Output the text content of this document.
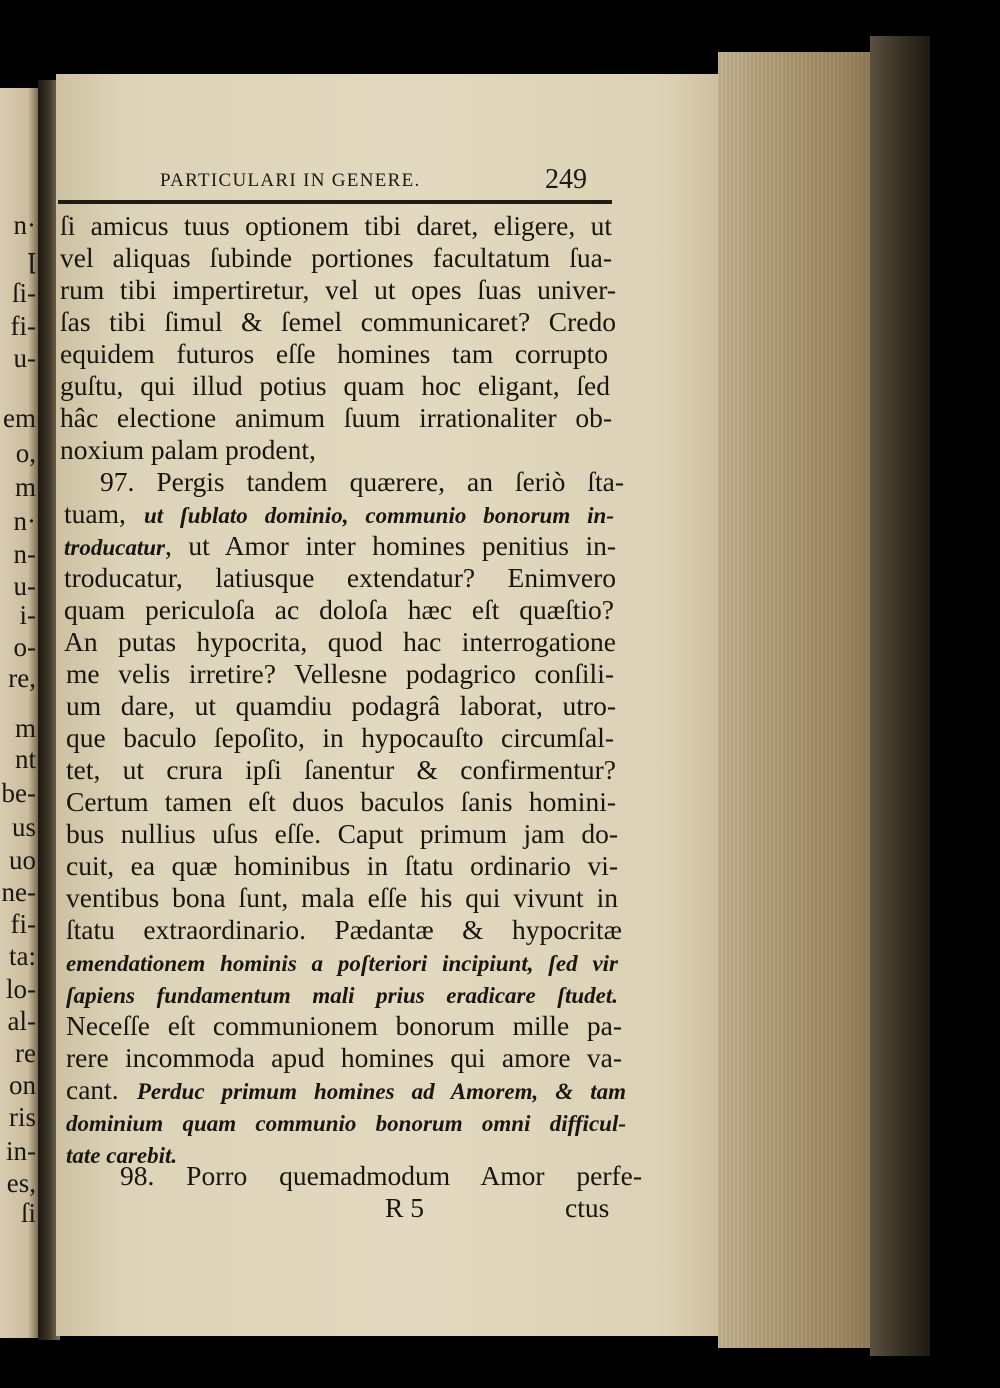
n·
ꞁ
ſi-
fi-
u-
em
o,
m
n·
n-
u-
i-
o-
re,
m
nt
be-
us
uo
ne-
fi-
ta:
lo-
al-
re
on
ris
in-
es,
ſi
PARTICULARI IN GENERE.	249
ſi amicus tuus optionem tibi daret, eligere, ut
vel aliquas ſubinde portiones facultatum ſua-
rum tibi impertiretur, vel ut opes ſuas univer-
ſas tibi ſimul & ſemel communicaret? Credo
equidem futuros eſſe homines tam corrupto
guſtu, qui illud potius quam hoc eligant, ſed
hâc electione animum ſuum irrationaliter ob-
noxium palam prodent,
97. Pergis tandem quærere, an ſeriò ſta-
tuam, ut ſublato dominio, communio bonorum in-
troducatur, ut Amor inter homines penitius in-
troducatur, latiusque extendatur? Enimvero
quam periculoſa ac doloſa hæc eſt quæſtio?
An putas hypocrita, quod hac interrogatione
me velis irretire? Vellesne podagrico conſili-
um dare, ut quamdiu podagrâ laborat, utro-
que baculo ſepoſito, in hypocauſto circumſal-
tet, ut crura ipſi ſanentur & confirmentur?
Certum tamen eſt duos baculos ſanis homini-
bus nullius uſus eſſe. Caput primum jam do-
cuit, ea quæ hominibus in ſtatu ordinario vi-
ventibus bona ſunt, mala eſſe his qui vivunt in
ſtatu extraordinario. Pædantæ & hypocritæ
emendationem hominis a poſteriori incipiunt, ſed vir
ſapiens fundamentum mali prius eradicare ſtudet.
Neceſſe eſt communionem bonorum mille pa-
rere incommoda apud homines qui amore va-
cant. Perduc primum homines ad Amorem, & tam
dominium quam communio bonorum omni difficul-
tate carebit.
98. Porro quemadmodum Amor perfe-
R 5	ctus
